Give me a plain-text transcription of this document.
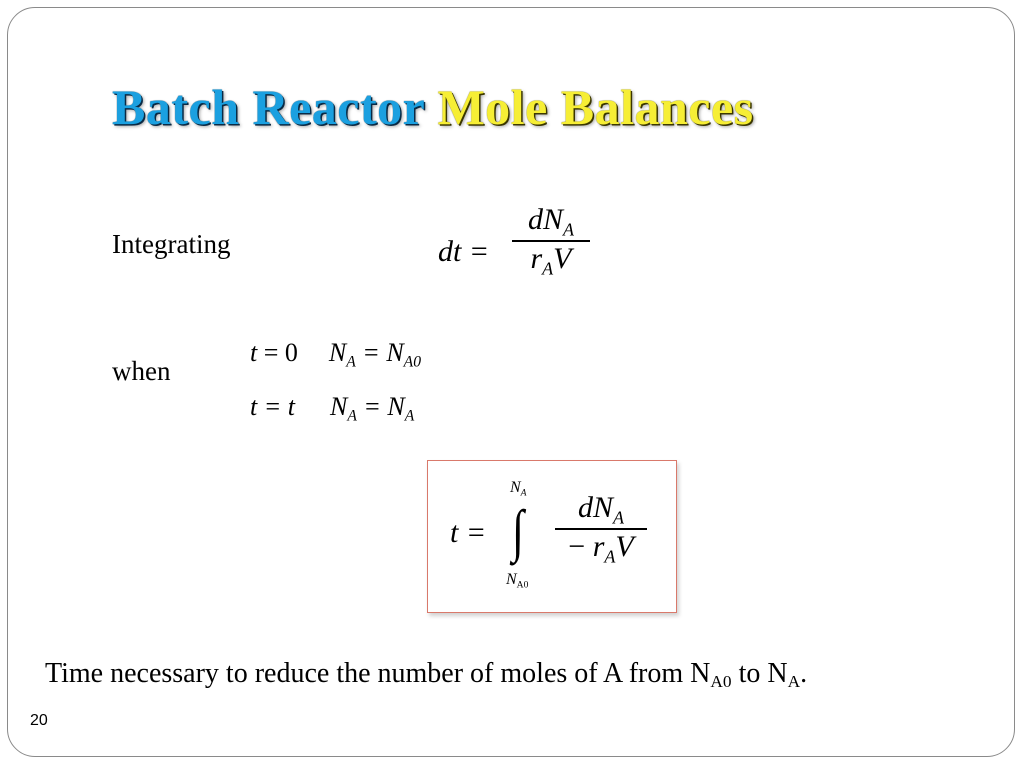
Batch Reactor Mole Balances
Integrating	dt =
$dN_A$
$r_AV$
when
t = 0 $N_A = N_{A0}$
t = t $N_A = N_A$
t = ∫
$N_A$
$N_{A0}$
$dN_A$
− $r_AV$
Time necessary to reduce the number of moles of A from $N_{A0}$ to $N_A$.
20
